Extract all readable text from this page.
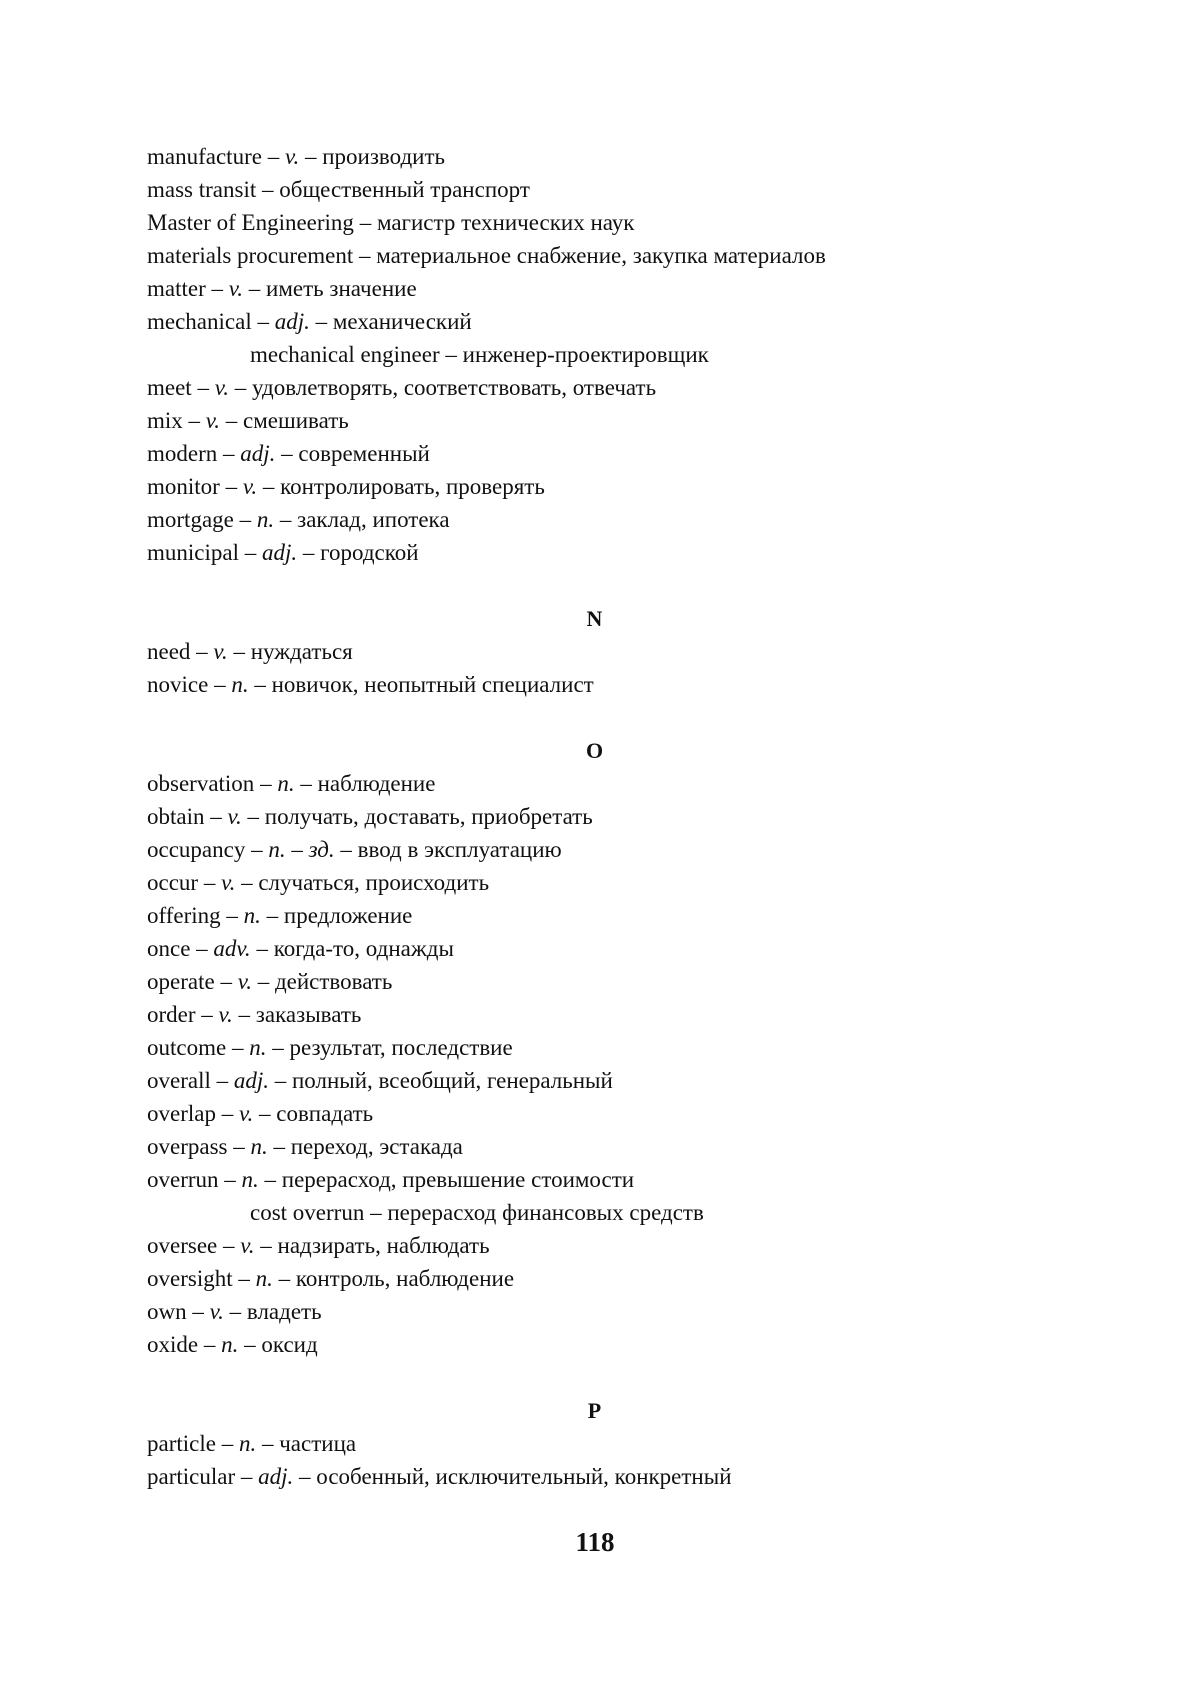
manufacture – v. – производить
mass transit – общественный транспорт
Master of Engineering – магистр технических наук
materials procurement – материальное снабжение, закупка материалов
matter – v. – иметь значение
mechanical – adj. – механический
mechanical engineer – инженер-проектировщик
meet – v. – удовлетворять, соответствовать, отвечать
mix – v. – смешивать
modern – adj. – современный
monitor – v. – контролировать, проверять
mortgage – n. – заклад, ипотека
municipal – adj. – городской
N
need – v. – нуждаться
novice – n. – новичок, неопытный специалист
O
observation – n. – наблюдение
obtain – v. – получать, доставать, приобретать
occupancy – n. – зд. – ввод в эксплуатацию
occur – v. – случаться, происходить
offering – n. – предложение
once – adv. – когда-то, однажды
operate – v. – действовать
order – v. – заказывать
outcome – n. – результат, последствие
overall – adj. – полный, всеобщий, генеральный
overlap – v. – совпадать
overpass – n. – переход, эстакада
overrun – n. – перерасход, превышение стоимости
cost overrun – перерасход финансовых средств
oversee – v. – надзирать, наблюдать
oversight – n. – контроль, наблюдение
own – v. – владеть
oxide – n. – оксид
P
particle – n. – частица
particular – adj. – особенный, исключительный, конкретный
118
